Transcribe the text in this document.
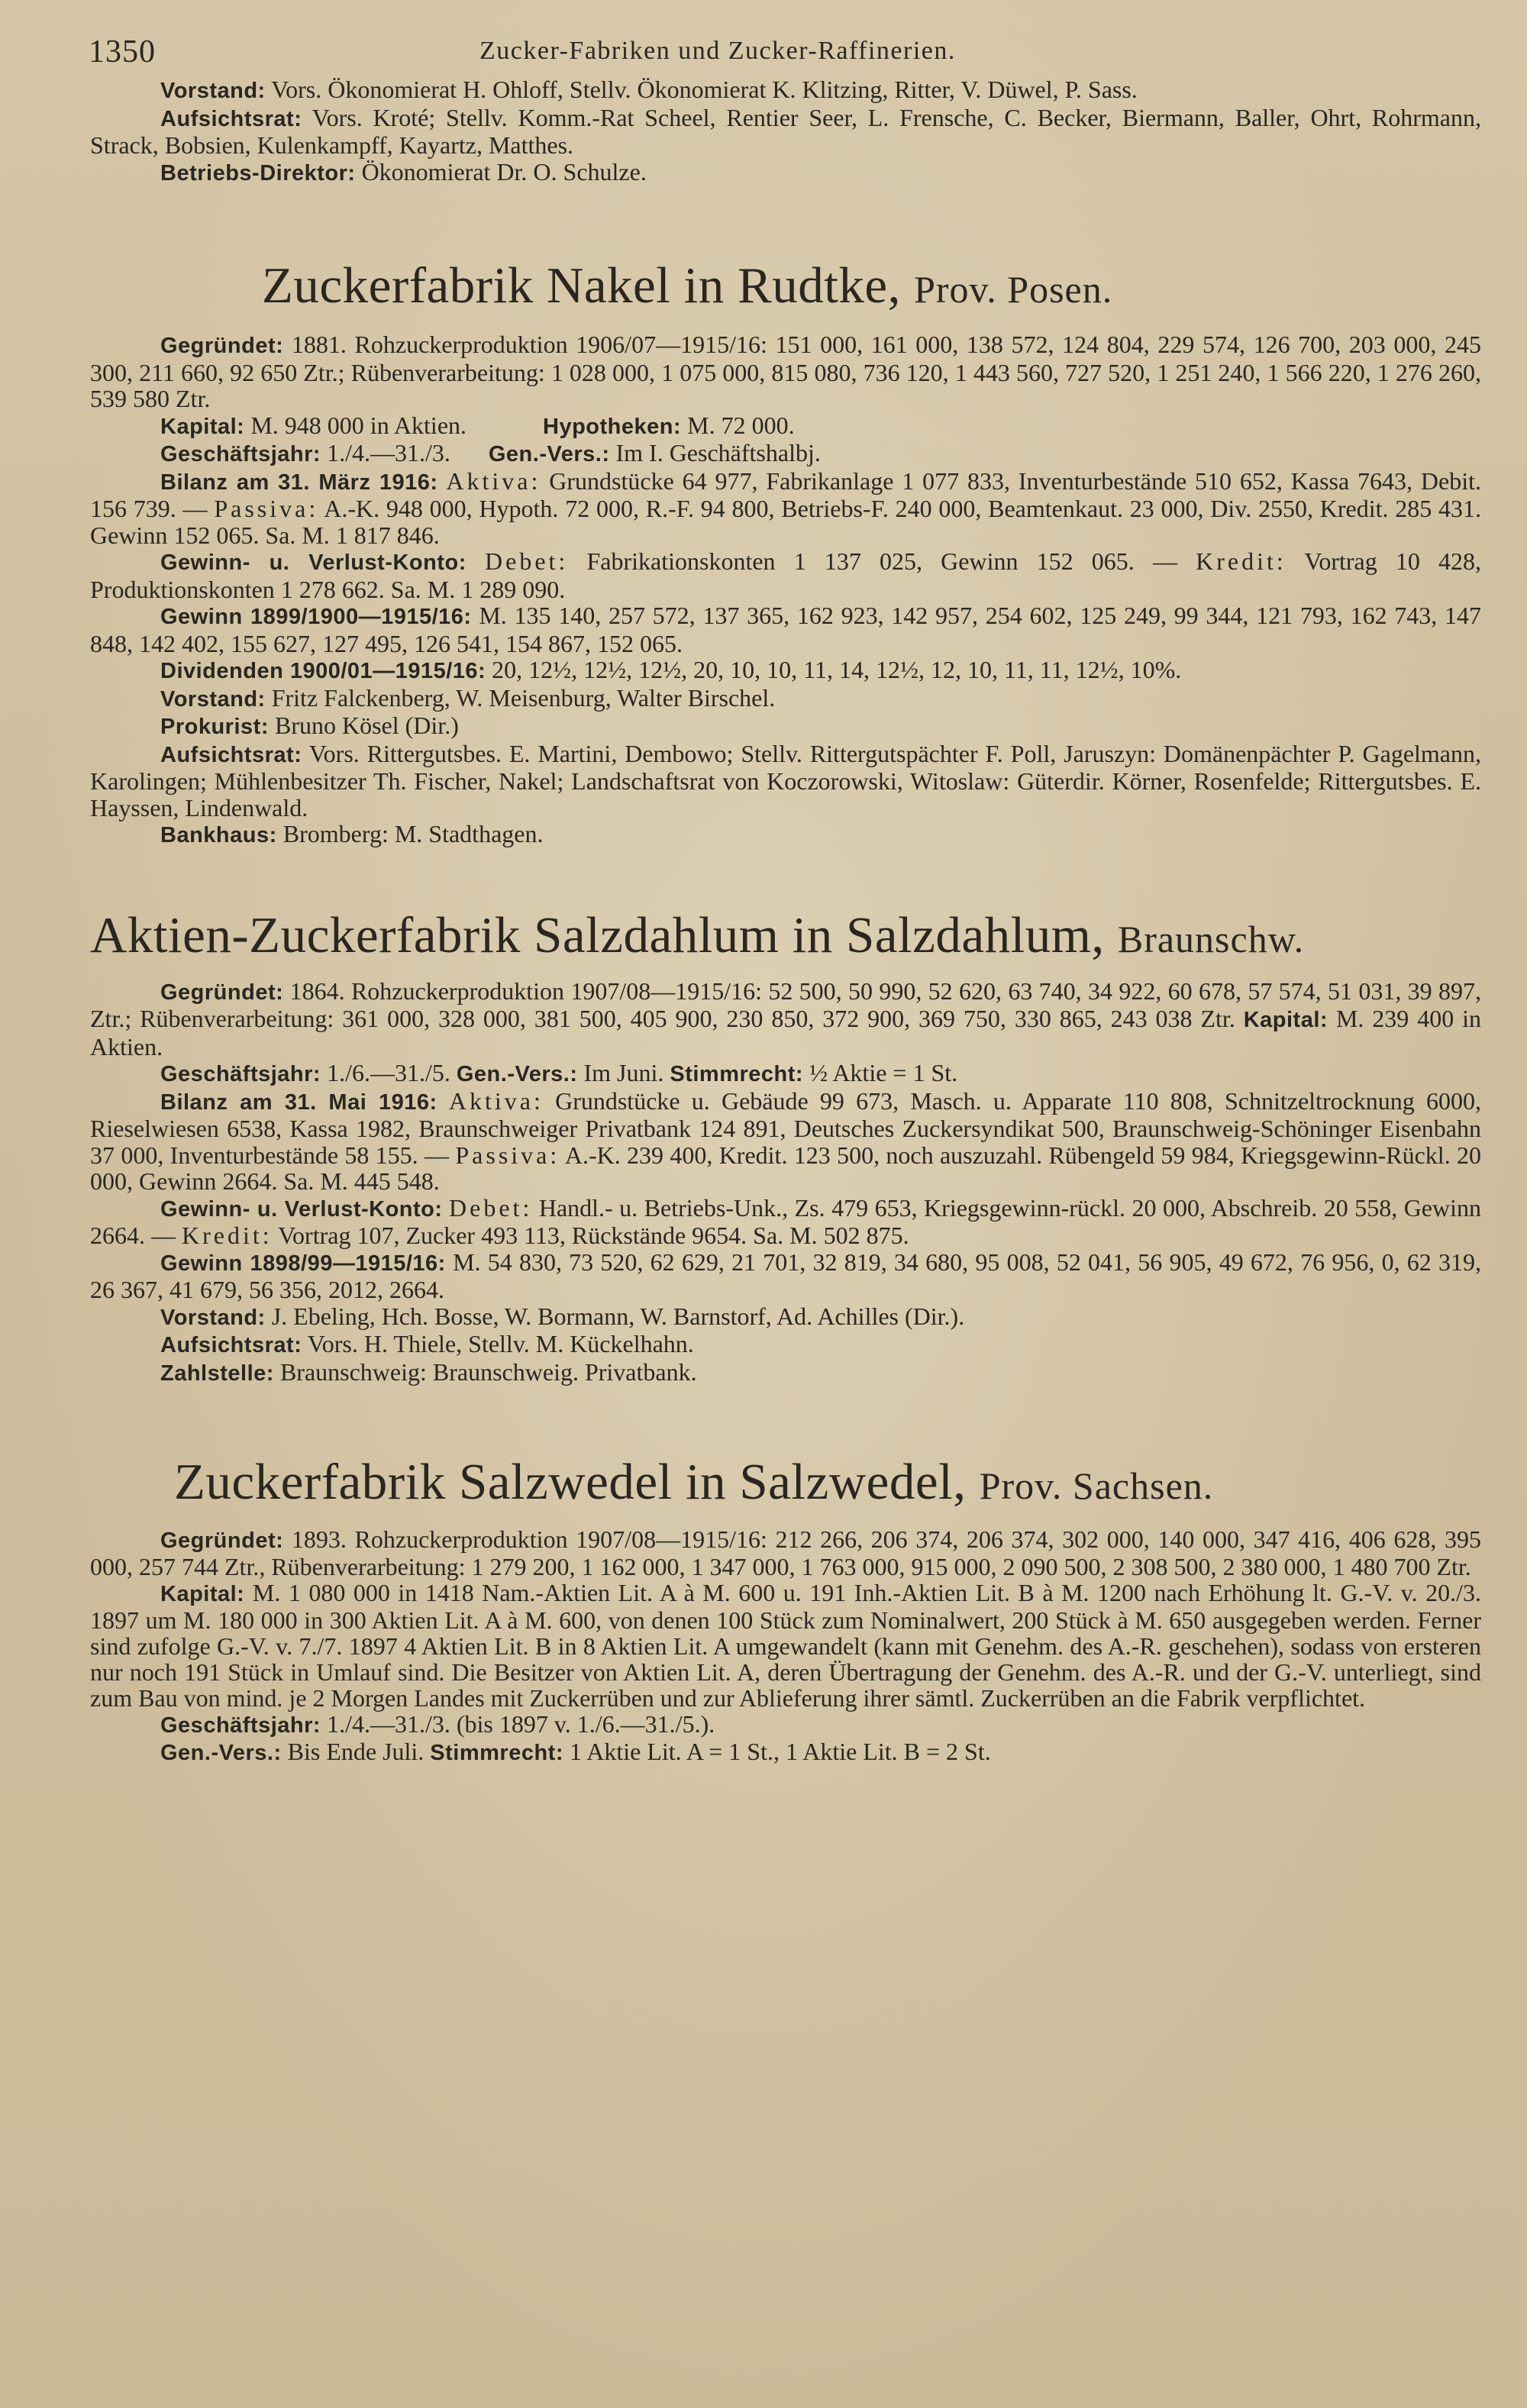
1350	Zucker-Fabriken und Zucker-Raffinerien.

Vorstand: Vors. Ökonomierat H. Ohloff, Stellv. Ökonomierat K. Klitzing, Ritter, V. Düwel, P. Sass.

Aufsichtsrat: Vors. Kroté; Stellv. Komm.-Rat Scheel, Rentier Seer, L. Frensche, C. Becker, Biermann, Baller, Ohrt, Rohrmann, Strack, Bobsien, Kulenkampff, Kayartz, Matthes.

Betriebs-Direktor: Ökonomierat Dr. O. Schulze.

Zuckerfabrik Nakel in Rudtke, Prov. Posen.

Gegründet: 1881. Rohzuckerproduktion 1906/07—1915/16: 151 000, 161 000, 138 572, 124 804, 229 574, 126 700, 203 000, 245 300, 211 660, 92 650 Ztr.; Rübenverarbeitung: 1 028 000, 1 075 000, 815 080, 736 120, 1 443 560, 727 520, 1 251 240, 1 566 220, 1 276 260, 539 580 Ztr.

Kapital: M. 948 000 in Aktien.	Hypotheken: M. 72 000.

Geschäftsjahr: 1./4.—31./3. Gen.-Vers.: Im I. Geschäftshalbj.

Bilanz am 31. März 1916: Aktiva: Grundstücke 64 977, Fabrikanlage 1 077 833, Inventurbestände 510 652, Kassa 7643, Debit. 156 739. — Passiva: A.-K. 948 000, Hypoth. 72 000, R.-F. 94 800, Betriebs-F. 240 000, Beamtenkaut. 23 000, Div. 2550, Kredit. 285 431. Gewinn 152 065. Sa. M. 1 817 846.

Gewinn- u. Verlust-Konto: Debet: Fabrikationskonten 1 137 025, Gewinn 152 065. — Kredit: Vortrag 10 428, Produktionskonten 1 278 662. Sa. M. 1 289 090.

Gewinn 1899/1900—1915/16: M. 135 140, 257 572, 137 365, 162 923, 142 957, 254 602, 125 249, 99 344, 121 793, 162 743, 147 848, 142 402, 155 627, 127 495, 126 541, 154 867, 152 065.

Dividenden 1900/01—1915/16: 20, 12½, 12½, 12½, 20, 10, 10, 11, 14, 12½, 12, 10, 11, 11, 12½, 10%.

Vorstand: Fritz Falckenberg, W. Meisenburg, Walter Birschel.

Prokurist: Bruno Kösel (Dir.)

Aufsichtsrat: Vors. Rittergutsbes. E. Martini, Dembowo; Stellv. Rittergutspächter F. Poll, Jaruszyn: Domänenpächter P. Gagelmann, Karolingen; Mühlenbesitzer Th. Fischer, Nakel; Landschaftsrat von Koczorowski, Witoslaw: Güterdir. Körner, Rosenfelde; Rittergutsbes. E. Hayssen, Lindenwald.

Bankhaus: Bromberg: M. Stadthagen.

Aktien-Zuckerfabrik Salzdahlum in Salzdahlum, Braunschw.

Gegründet: 1864. Rohzuckerproduktion 1907/08—1915/16: 52 500, 50 990, 52 620, 63 740, 34 922, 60 678, 57 574, 51 031, 39 897, Ztr.; Rübenverarbeitung: 361 000, 328 000, 381 500, 405 900, 230 850, 372 900, 369 750, 330 865, 243 038 Ztr. Kapital: M. 239 400 in Aktien.

Geschäftsjahr: 1./6.—31./5. Gen.-Vers.: Im Juni. Stimmrecht: ½ Aktie = 1 St.

Bilanz am 31. Mai 1916: Aktiva: Grundstücke u. Gebäude 99 673, Masch. u. Apparate 110 808, Schnitzeltrocknung 6000, Rieselwiesen 6538, Kassa 1982, Braunschweiger Privatbank 124 891, Deutsches Zuckersyndikat 500, Braunschweig-Schöninger Eisenbahn 37 000, Inventurbestände 58 155. — Passiva: A.-K. 239 400, Kredit. 123 500, noch auszuzahl. Rübengeld 59 984, Kriegsgewinn-Rückl. 20 000, Gewinn 2664. Sa. M. 445 548.

Gewinn- u. Verlust-Konto: Debet: Handl.- u. Betriebs-Unk., Zs. 479 653, Kriegsgewinn-rückl. 20 000, Abschreib. 20 558, Gewinn 2664. — Kredit: Vortrag 107, Zucker 493 113, Rückstände 9654. Sa. M. 502 875.

Gewinn 1898/99—1915/16: M. 54 830, 73 520, 62 629, 21 701, 32 819, 34 680, 95 008, 52 041, 56 905, 49 672, 76 956, 0, 62 319, 26 367, 41 679, 56 356, 2012, 2664.

Vorstand: J. Ebeling, Hch. Bosse, W. Bormann, W. Barnstorf, Ad. Achilles (Dir.).

Aufsichtsrat: Vors. H. Thiele, Stellv. M. Kückelhahn.

Zahlstelle: Braunschweig: Braunschweig. Privatbank.

Zuckerfabrik Salzwedel in Salzwedel, Prov. Sachsen.

Gegründet: 1893. Rohzuckerproduktion 1907/08—1915/16: 212 266, 206 374, 206 374, 302 000, 140 000, 347 416, 406 628, 395 000, 257 744 Ztr., Rübenverarbeitung: 1 279 200, 1 162 000, 1 347 000, 1 763 000, 915 000, 2 090 500, 2 308 500, 2 380 000, 1 480 700 Ztr.

Kapital: M. 1 080 000 in 1418 Nam.-Aktien Lit. A à M. 600 u. 191 Inh.-Aktien Lit. B à M. 1200 nach Erhöhung lt. G.-V. v. 20./3. 1897 um M. 180 000 in 300 Aktien Lit. A à M. 600, von denen 100 Stück zum Nominalwert, 200 Stück à M. 650 ausgegeben werden. Ferner sind zufolge G.-V. v. 7./7. 1897 4 Aktien Lit. B in 8 Aktien Lit. A umgewandelt (kann mit Genehm. des A.-R. geschehen), sodass von ersteren nur noch 191 Stück in Umlauf sind. Die Besitzer von Aktien Lit. A, deren Übertragung der Genehm. des A.-R. und der G.-V. unterliegt, sind zum Bau von mind. je 2 Morgen Landes mit Zuckerrüben und zur Ablieferung ihrer sämtl. Zuckerrüben an die Fabrik verpflichtet.

Geschäftsjahr: 1./4.—31./3. (bis 1897 v. 1./6.—31./5.).

Gen.-Vers.: Bis Ende Juli. Stimmrecht: 1 Aktie Lit. A = 1 St., 1 Aktie Lit. B = 2 St.
